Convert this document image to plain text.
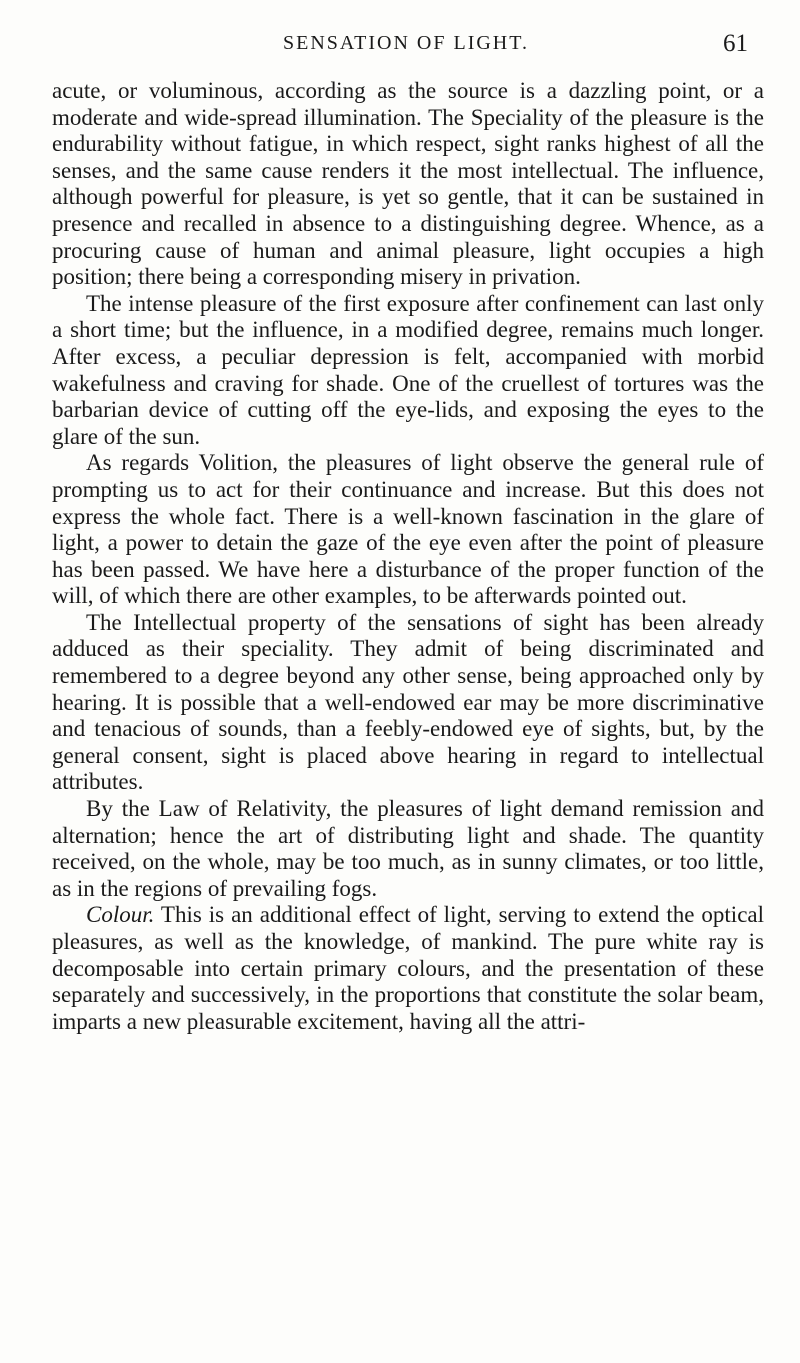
SENSATION OF LIGHT.	61

acute, or voluminous, according as the source is a dazzling point, or a moderate and wide-spread illumination. The Speciality of the pleasure is the endurability without fatigue, in which respect, sight ranks highest of all the senses, and the same cause renders it the most intellectual. The influence, although powerful for pleasure, is yet so gentle, that it can be sustained in presence and recalled in absence to a distinguishing degree. Whence, as a procuring cause of human and animal pleasure, light occupies a high position; there being a corresponding misery in privation.

The intense pleasure of the first exposure after confinement can last only a short time; but the influence, in a modified degree, remains much longer. After excess, a peculiar depression is felt, accompanied with morbid wakefulness and craving for shade. One of the cruellest of tortures was the barbarian device of cutting off the eye-lids, and exposing the eyes to the glare of the sun.

As regards Volition, the pleasures of light observe the general rule of prompting us to act for their continuance and increase. But this does not express the whole fact. There is a well-known fascination in the glare of light, a power to detain the gaze of the eye even after the point of pleasure has been passed. We have here a disturbance of the proper function of the will, of which there are other examples, to be afterwards pointed out.

The Intellectual property of the sensations of sight has been already adduced as their speciality. They admit of being discriminated and remembered to a degree beyond any other sense, being approached only by hearing. It is possible that a well-endowed ear may be more discriminative and tenacious of sounds, than a feebly-endowed eye of sights, but, by the general consent, sight is placed above hearing in regard to intellectual attributes.

By the Law of Relativity, the pleasures of light demand remission and alternation; hence the art of distributing light and shade. The quantity received, on the whole, may be too much, as in sunny climates, or too little, as in the regions of prevailing fogs.

Colour. This is an additional effect of light, serving to extend the optical pleasures, as well as the knowledge, of mankind. The pure white ray is decomposable into certain primary colours, and the presentation of these separately and successively, in the proportions that constitute the solar beam, imparts a new pleasurable excitement, having all the attri-
